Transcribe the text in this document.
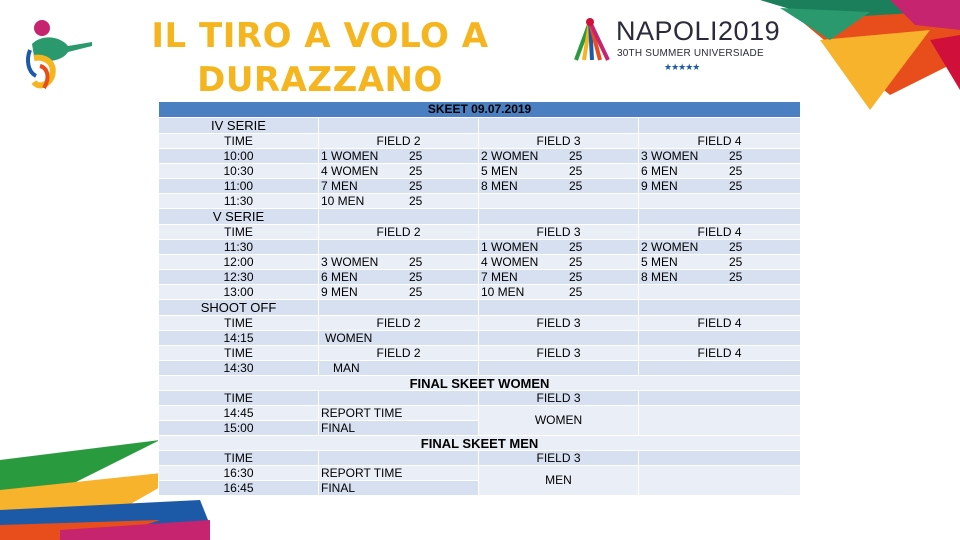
IL TIRO A VOLO A
DURAZZANO
NAPOLI2019
30TH SUMMER UNIVERSIADE
★★★★★
SKEET 09.07.2019			
IV SERIE			
TIME	FIELD 2	FIELD 3	FIELD 4
10:00	1 WOMEN 25	2 WOMEN 25	3 WOMEN 25
10:30	4 WOMEN 25	5 MEN 25	6 MEN 25
11:00	7 MEN 25	8 MEN 25	9 MEN 25
11:30	10 MEN 25		
V SERIE			
TIME	FIELD 2	FIELD 3	FIELD 4
11:30		1 WOMEN 25	2 WOMEN 25
12:00	3 WOMEN 25	4 WOMEN 25	5 MEN 25
12:30	6 MEN 25	7 MEN 25	8 MEN 25
13:00	9 MEN 25	10 MEN 25	
SHOOT OFF			
TIME	FIELD 2	FIELD 3	FIELD 4
14:15	WOMEN		
TIME	FIELD 2	FIELD 3	FIELD 4
14:30	MAN		
FINAL SKEET WOMEN			
TIME		FIELD 3	
14:45	REPORT TIME	WOMEN	
15:00	FINAL		
FINAL SKEET MEN			
TIME		FIELD 3	
16:30	REPORT TIME	MEN	
16:45	FINAL		
